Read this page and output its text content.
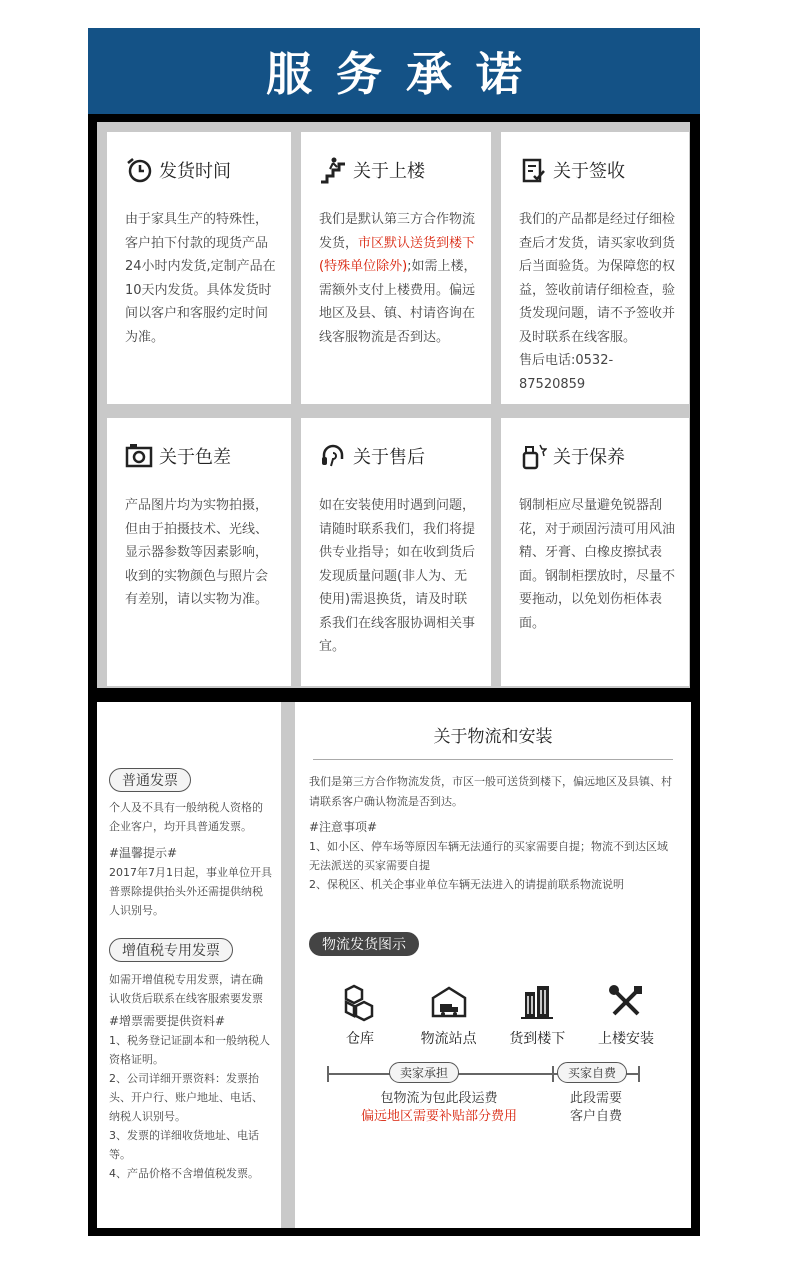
服务承诺
发货时间
由于家具生产的特殊性，客户拍下付款的现货产品24小时内发货,定制产品在10天内发货。具体发货时间以客户和客服约定时间为准。
关于上楼
我们是默认第三方合作物流发货，市区默认送货到楼下(特殊单位除外);如需上楼，需额外支付上楼费用。偏远地区及县、镇、村请咨询在线客服物流是否到达。
关于签收
我们的产品都是经过仔细检查后才发货，请买家收到货后当面验货。为保障您的权益，签收前请仔细检查，验货发现问题，请不予签收并及时联系在线客服。
售后电话:0532-87520859
关于色差
产品图片均为实物拍摄，但由于拍摄技术、光线、显示器参数等因素影响，收到的实物颜色与照片会有差别，请以实物为准。
关于售后
如在安装使用时遇到问题，请随时联系我们，我们将提供专业指导；如在收到货后发现质量问题(非人为、无使用)需退换货，请及时联系我们在线客服协调相关事宜。
关于保养
钢制柜应尽量避免锐器刮花，对于顽固污渍可用风油精、牙膏、白橡皮擦拭表面。钢制柜摆放时，尽量不要拖动，以免划伤柜体表面。
普通发票
个人及不具有一般纳税人资格的企业客户，均开具普通发票。
#温馨提示#
2017年7月1日起，事业单位开具普票除提供抬头外还需提供纳税人识别号。
增值税专用发票
如需开增值税专用发票，请在确认收货后联系在线客服索要发票
#增票需要提供资料#
1、税务登记证副本和一般纳税人资格证明。
2、公司详细开票资料：发票抬头、开户行、账户地址、电话、纳税人识别号。
3、发票的详细收货地址、电话等。
4、产品价格不含增值税发票。
关于物流和安装
我们是第三方合作物流发货，市区一般可送货到楼下，偏远地区及县镇、村请联系客户确认物流是否到达。
#注意事项#
1、如小区、停车场等原因车辆无法通行的买家需要自提；物流不到达区域无法派送的买家需要自提
2、保税区、机关企事业单位车辆无法进入的请提前联系物流说明
物流发货图示
仓库	物流站点 货到楼下 上楼安装
卖家承担	买家自费
包物流为包此段运费
偏远地区需要补贴部分费用
此段需要
客户自费
